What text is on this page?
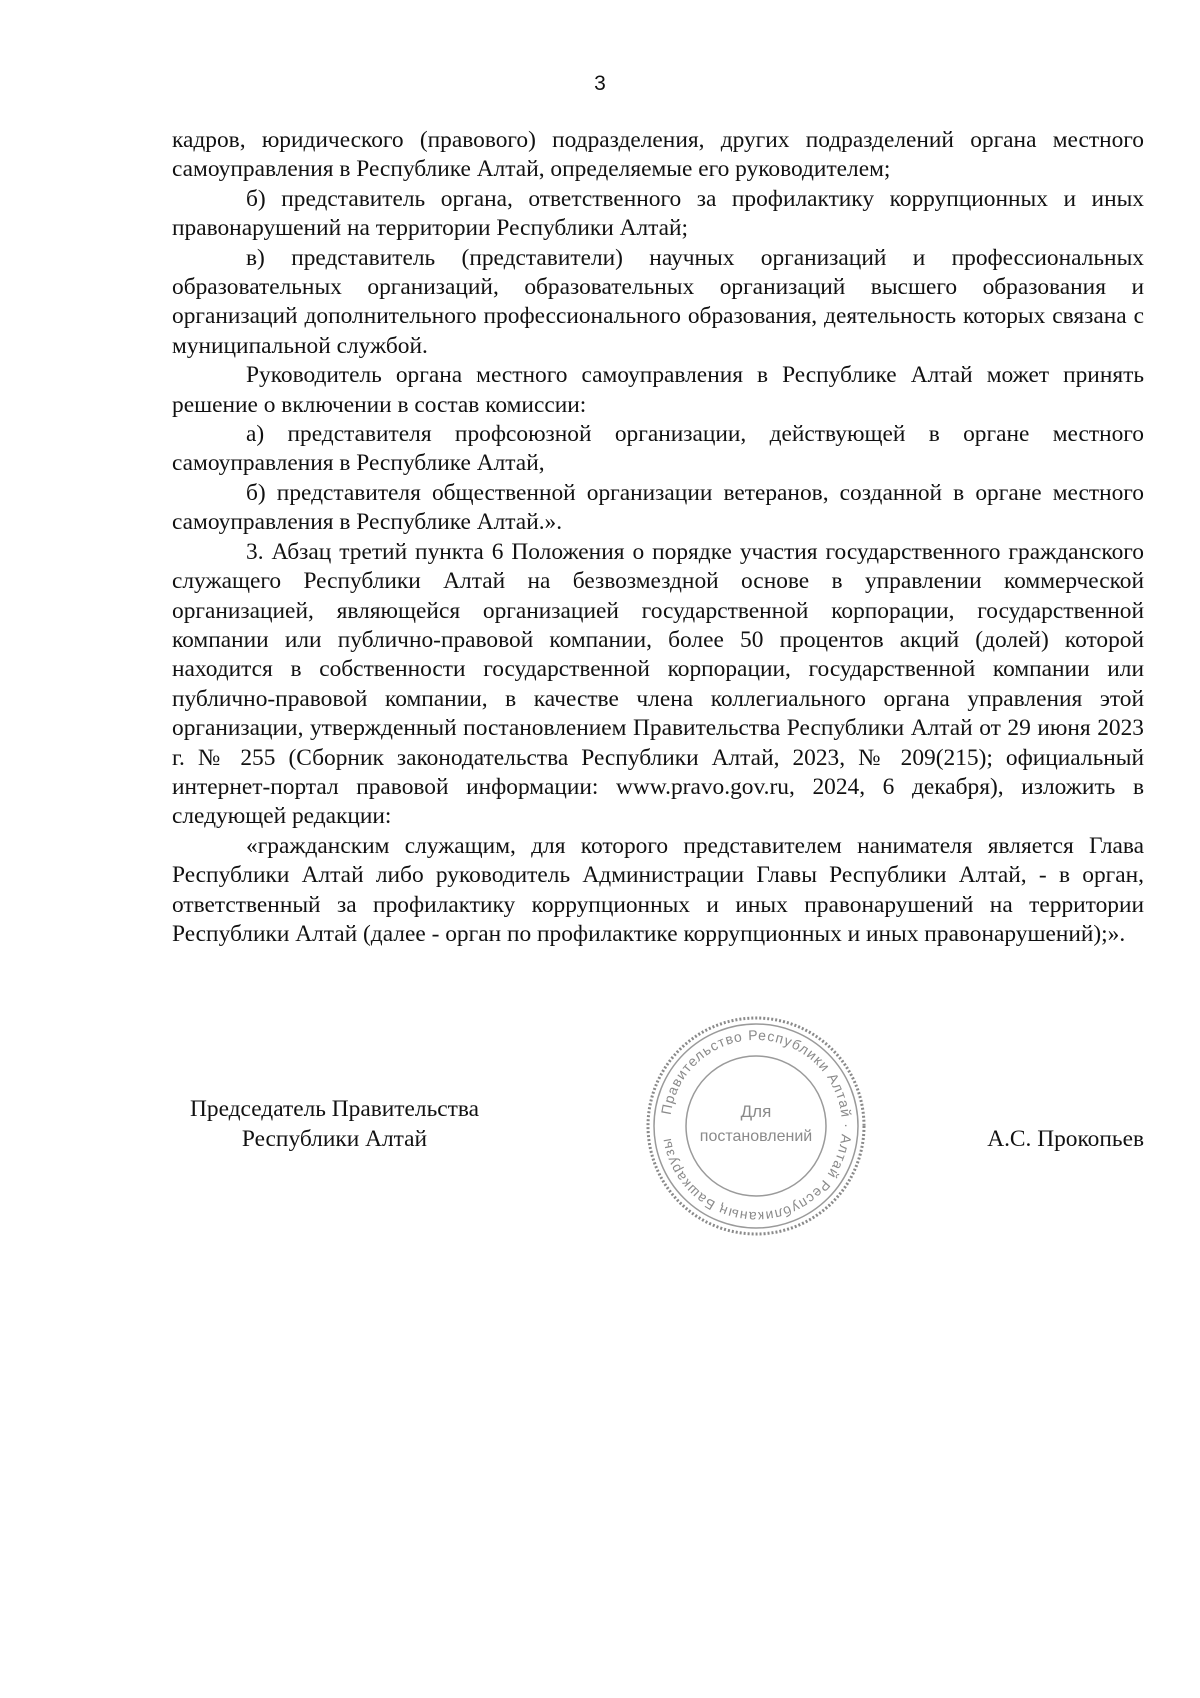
3

кадров, юридического (правового) подразделения, других подразделений органа местного самоуправления в Республике Алтай, определяемые его руководителем;

б) представитель органа, ответственного за профилактику коррупционных и иных правонарушений на территории Республики Алтай;

в) представитель (представители) научных организаций и профессиональных образовательных организаций, образовательных организаций высшего образования и организаций дополнительного профессионального образования, деятельность которых связана с муниципальной службой.

Руководитель органа местного самоуправления в Республике Алтай может принять решение о включении в состав комиссии:

а) представителя профсоюзной организации, действующей в органе местного самоуправления в Республике Алтай,

б) представителя общественной организации ветеранов, созданной в органе местного самоуправления в Республике Алтай.».

3. Абзац третий пункта 6 Положения о порядке участия государственного гражданского служащего Республики Алтай на безвозмездной основе в управлении коммерческой организацией, являющейся организацией государственной корпорации, государственной компании или публично-правовой компании, более 50 процентов акций (долей) которой находится в собственности государственной корпорации, государственной компании или публично-правовой компании, в качестве члена коллегиального органа управления этой организации, утвержденный постановлением Правительства Республики Алтай от 29 июня 2023 г. № 255 (Сборник законодательства Республики Алтай, 2023, № 209(215); официальный интернет-портал правовой информации: www.pravo.gov.ru, 2024, 6 декабря), изложить в следующей редакции:

«гражданским служащим, для которого представителем нанимателя является Глава Республики Алтай либо руководитель Администрации Главы Республики Алтай, - в орган, ответственный за профилактику коррупционных и иных правонарушений на территории Республики Алтай (далее - орган по профилактике коррупционных и иных правонарушений);».

Председатель Правительства
Республики Алтай	А.С. Прокопьев
Правительство Республики Алтай · Алтай Республиканың Башкарузы
Для
постановлений
